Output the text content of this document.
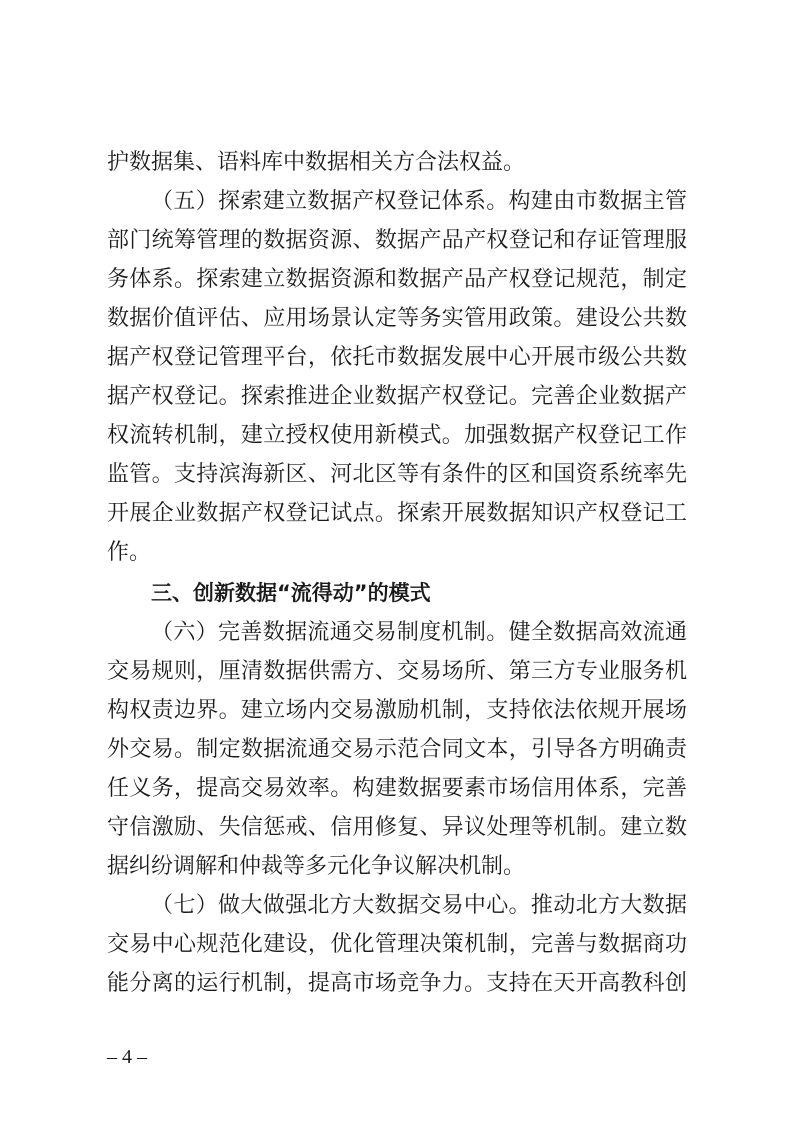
护数据集、语料库中数据相关方合法权益。
（五）探索建立数据产权登记体系。构建由市数据主管
部门统筹管理的数据资源、数据产品产权登记和存证管理服
务体系。探索建立数据资源和数据产品产权登记规范，制定
数据价值评估、应用场景认定等务实管用政策。建设公共数
据产权登记管理平台，依托市数据发展中心开展市级公共数
据产权登记。探索推进企业数据产权登记。完善企业数据产
权流转机制，建立授权使用新模式。加强数据产权登记工作
监管。支持滨海新区、河北区等有条件的区和国资系统率先
开展企业数据产权登记试点。探索开展数据知识产权登记工
作。
三、创新数据“流得动”的模式
（六）完善数据流通交易制度机制。健全数据高效流通
交易规则，厘清数据供需方、交易场所、第三方专业服务机
构权责边界。建立场内交易激励机制，支持依法依规开展场
外交易。制定数据流通交易示范合同文本，引导各方明确责
任义务，提高交易效率。构建数据要素市场信用体系，完善
守信激励、失信惩戒、信用修复、异议处理等机制。建立数
据纠纷调解和仲裁等多元化争议解决机制。
（七）做大做强北方大数据交易中心。推动北方大数据
交易中心规范化建设，优化管理决策机制，完善与数据商功
能分离的运行机制，提高市场竞争力。支持在天开高教科创
– 4 –
